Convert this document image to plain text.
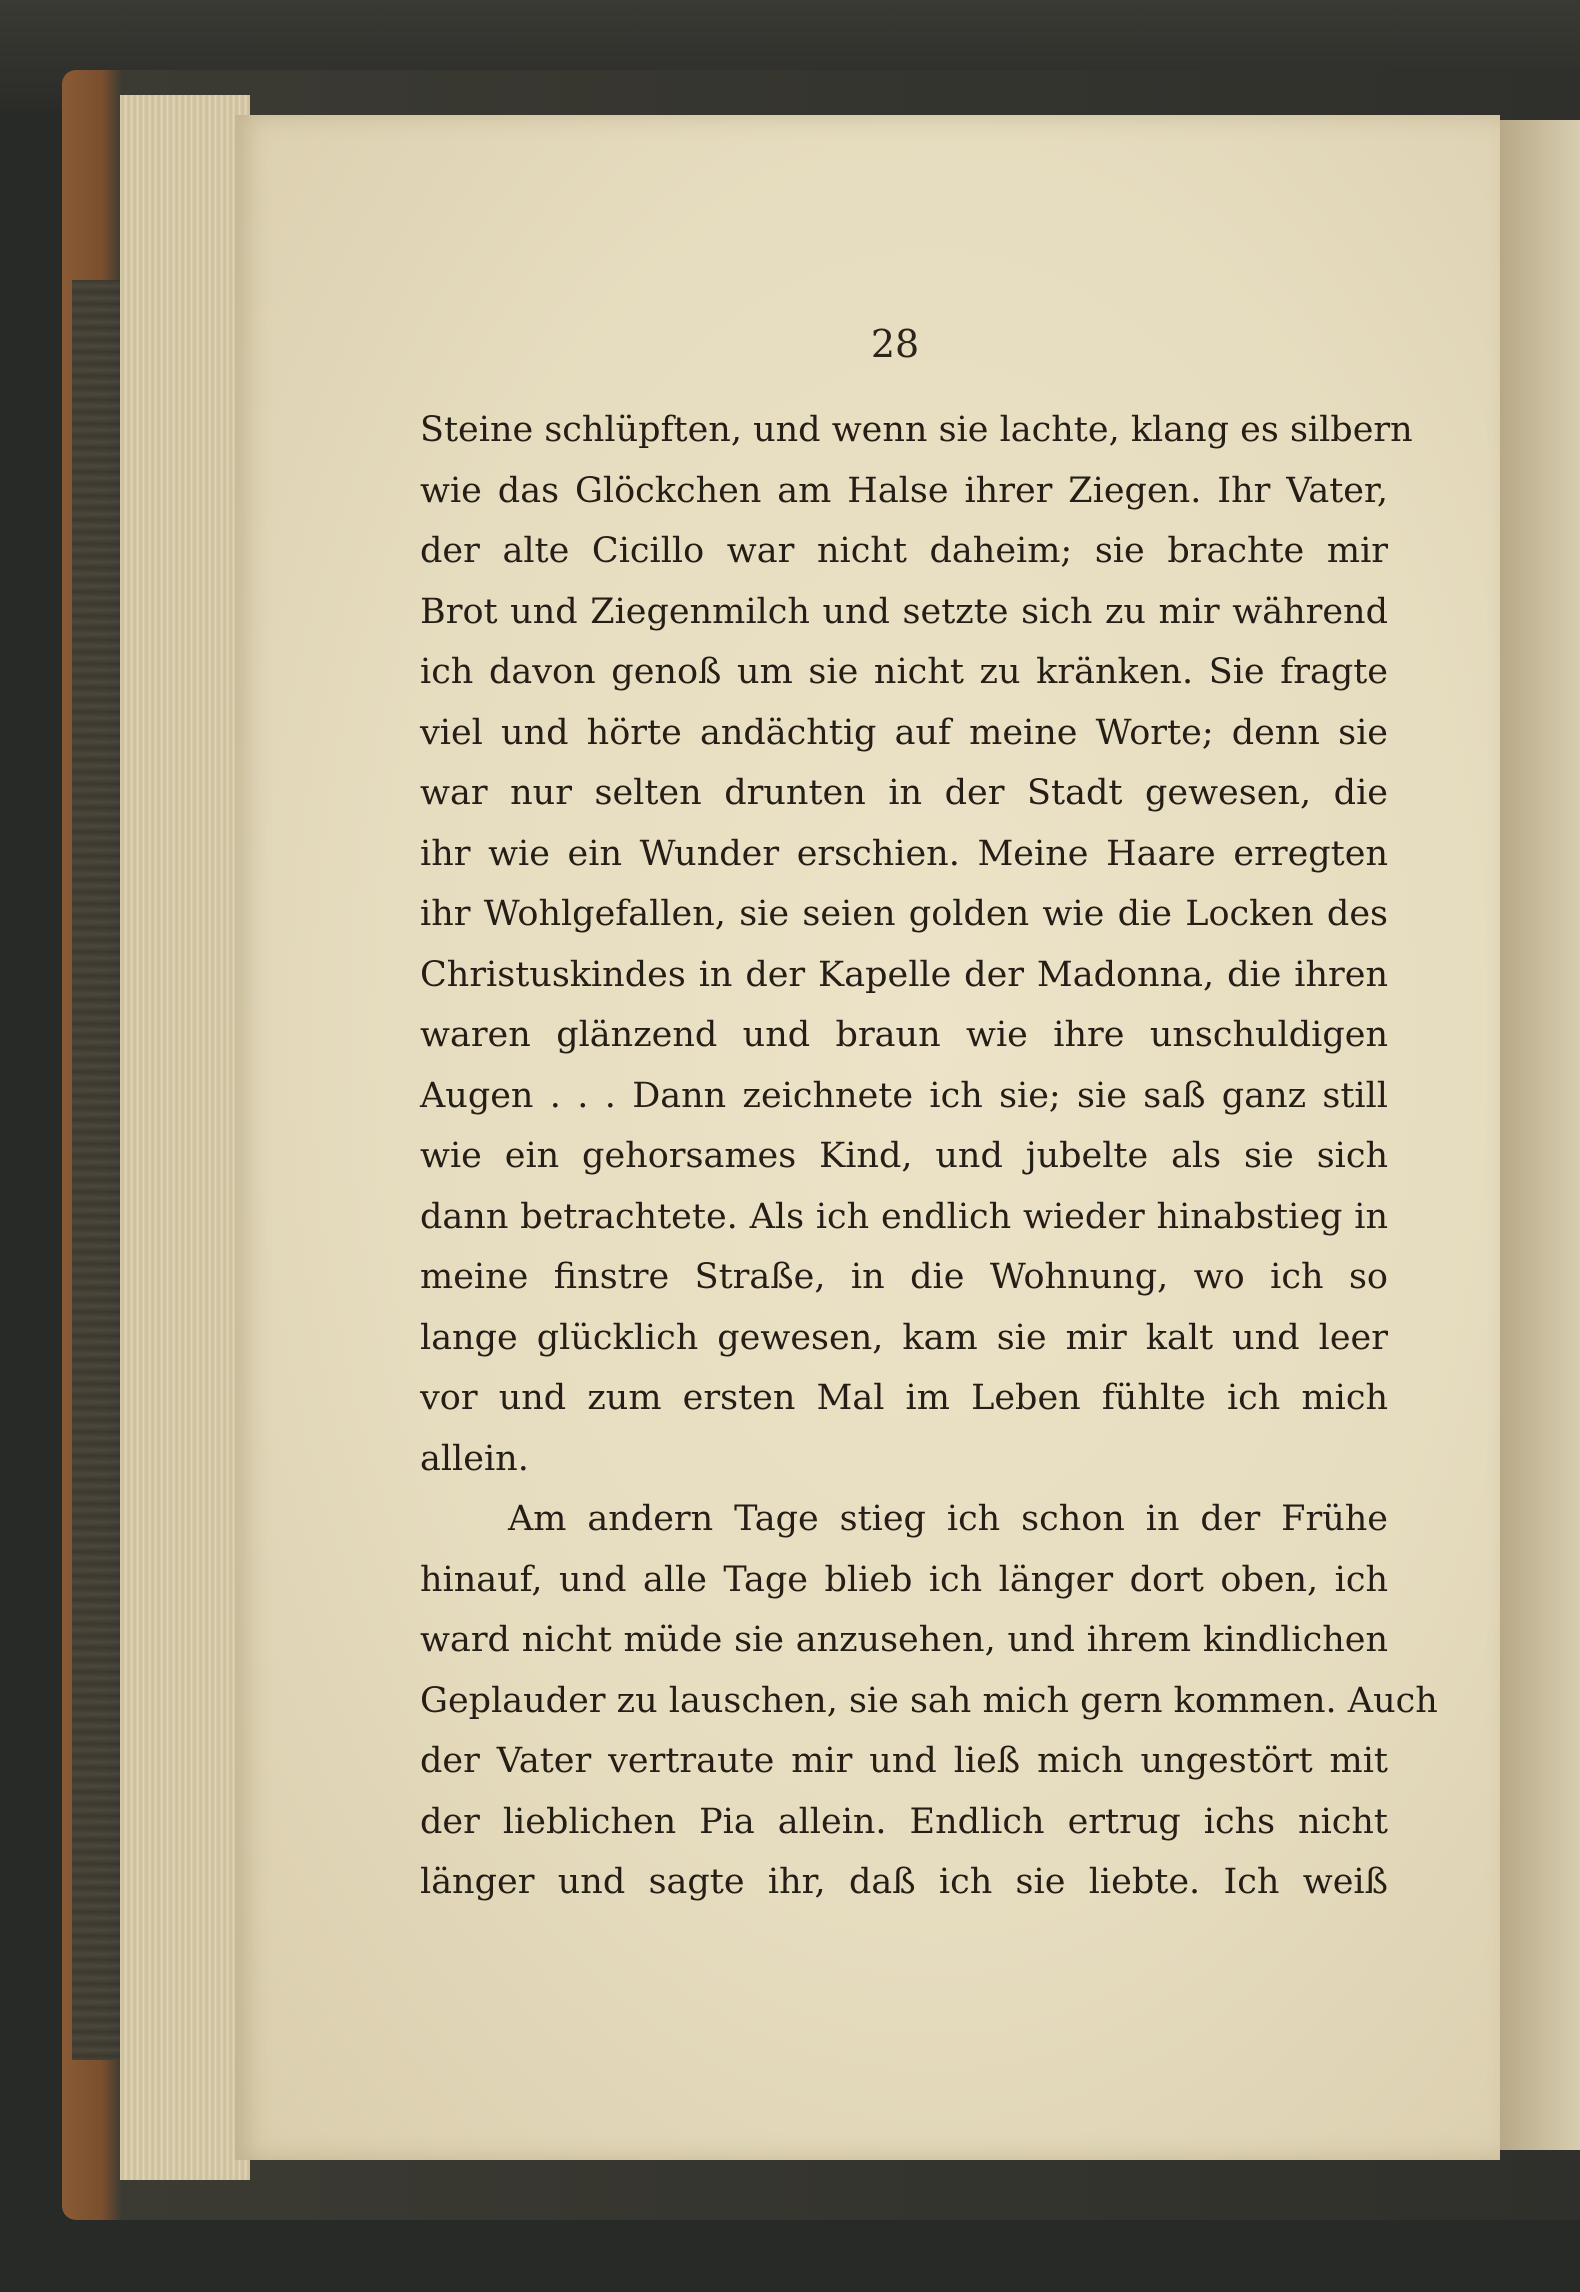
28
Steine schlüpften, und wenn sie lachte, klang es silbern
wie das Glöckchen am Halse ihrer Ziegen. Ihr Vater,
der alte Cicillo war nicht daheim; sie brachte mir
Brot und Ziegenmilch und setzte sich zu mir während
ich davon genoß um sie nicht zu kränken. Sie fragte
viel und hörte andächtig auf meine Worte; denn sie
war nur selten drunten in der Stadt gewesen, die
ihr wie ein Wunder erschien. Meine Haare erregten
ihr Wohlgefallen, sie seien golden wie die Locken des
Christuskindes in der Kapelle der Madonna, die ihren
waren glänzend und braun wie ihre unschuldigen
Augen . . . Dann zeichnete ich sie; sie saß ganz still
wie ein gehorsames Kind, und jubelte als sie sich
dann betrachtete. Als ich endlich wieder hinabstieg in
meine finstre Straße, in die Wohnung, wo ich so
lange glücklich gewesen, kam sie mir kalt und leer
vor und zum ersten Mal im Leben fühlte ich mich
allein.
Am andern Tage stieg ich schon in der Frühe
hinauf, und alle Tage blieb ich länger dort oben, ich
ward nicht müde sie anzusehen, und ihrem kindlichen
Geplauder zu lauschen, sie sah mich gern kommen. Auch
der Vater vertraute mir und ließ mich ungestört mit
der lieblichen Pia allein. Endlich ertrug ichs nicht
länger und sagte ihr, daß ich sie liebte. Ich weiß
